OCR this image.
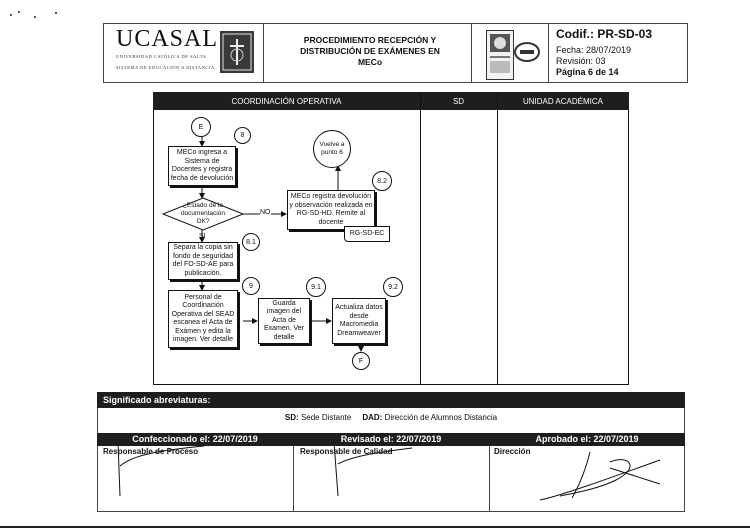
UCASAL
UNIVERSIDAD CATÓLICA DE SALTA
SISTEMA DE EDUCACIÓN A DISTANCIA
PROCEDIMIENTO RECEPCIÓN Y DISTRIBUCIÓN DE EXÁMENES EN MECo
Codif.: PR-SD-03
Fecha: 28/07/2019
Revisión: 03
Página 6 de 14
COORDINACIÓN OPERATIVA	SD	UNIDAD ACADÉMICA
E
8
MECo ingresa a Sistema de Docentes y registra fecha de devolución
¿Estado de la documentación OK?
NO
SI
MECo registra devolución y observación realizada en RG-SD-HD. Remite al docente
RG-SD-EC
8.2
Vuelve a punto 6
8.1
Separa la copia sin fondo de seguridad del FO-SD-AE para publicación.
9	9.1	9.2
Personal de Coordinación Operativa del SEAD escanea el Acta de Exámen y edita la imagen. Ver detalle
Guarda imagen del Acta de Examen. Ver detalle
Actualiza datos desde Macromedia Dreamweaver
F
Significado abreviaturas:
SD: Sede Distante DAD: Dirección de Alumnos Distancia
Confeccionado el: 22/07/2019	Revisado el: 22/07/2019	Aprobado el: 22/07/2019
Responsable de Proceso	Responsable de Calidad	Dirección
